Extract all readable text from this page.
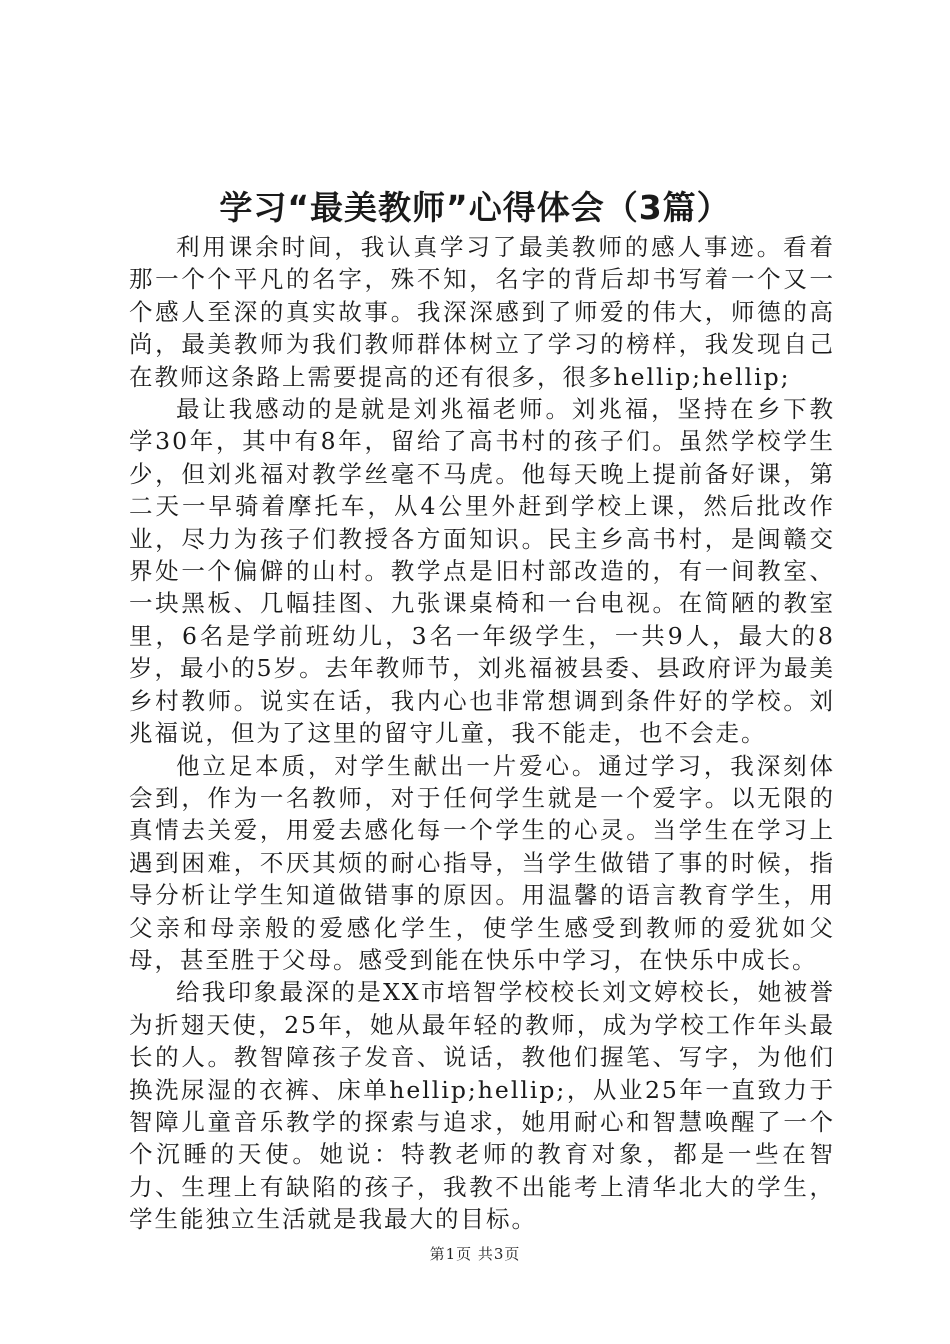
学习“最美教师”心得体会（3篇）

利用课余时间，我认真学习了最美教师的感人事迹。看着那一个个平凡的名字，殊不知，名字的背后却书写着一个又一个感人至深的真实故事。我深深感到了师爱的伟大，师德的高尚，最美教师为我们教师群体树立了学习的榜样，我发现自己在教师这条路上需要提高的还有很多，很多hellip;hellip;

最让我感动的是就是刘兆福老师。刘兆福，坚持在乡下教学30年，其中有8年，留给了高书村的孩子们。虽然学校学生少，但刘兆福对教学丝毫不马虎。他每天晚上提前备好课，第二天一早骑着摩托车，从4公里外赶到学校上课，然后批改作业，尽力为孩子们教授各方面知识。民主乡高书村，是闽赣交界处一个偏僻的山村。教学点是旧村部改造的，有一间教室、一块黑板、几幅挂图、九张课桌椅和一台电视。在简陋的教室里，6名是学前班幼儿，3名一年级学生，一共9人，最大的8岁，最小的5岁。去年教师节，刘兆福被县委、县政府评为最美乡村教师。说实在话，我内心也非常想调到条件好的学校。刘兆福说，但为了这里的留守儿童，我不能走，也不会走。

他立足本质，对学生献出一片爱心。通过学习，我深刻体会到，作为一名教师，对于任何学生就是一个爱字。以无限的真情去关爱，用爱去感化每一个学生的心灵。当学生在学习上遇到困难，不厌其烦的耐心指导，当学生做错了事的时候，指导分析让学生知道做错事的原因。用温馨的语言教育学生，用父亲和母亲般的爱感化学生，使学生感受到教师的爱犹如父母，甚至胜于父母。感受到能在快乐中学习，在快乐中成长。

给我印象最深的是XX市培智学校校长刘文婷校长，她被誉为折翅天使，25年，她从最年轻的教师，成为学校工作年头最长的人。教智障孩子发音、说话，教他们握笔、写字，为他们换洗尿湿的衣裤、床单hellip;hellip;，从业25年一直致力于智障儿童音乐教学的探索与追求，她用耐心和智慧唤醒了一个个沉睡的天使。她说：特教老师的教育对象，都是一些在智力、生理上有缺陷的孩子，我教不出能考上清华北大的学生，学生能独立生活就是我最大的目标。

第1页 共3页
